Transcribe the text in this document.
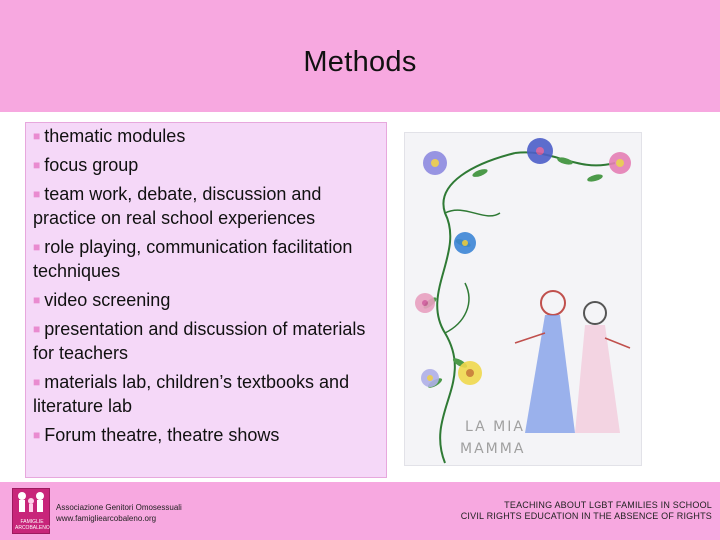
Methods
■ thematic modules
■ focus group
■ team work, debate, discussion and practice on real school experiences
■ role playing, communication facilitation techniques
■ video screening
■ presentation and discussion of materials for teachers
■ materials lab, children’s textbooks and literature lab
■ Forum theatre, theatre shows	LA MIA
MAMMA
FAMIGLIE ARCOBALENO
Associazione Genitori Omosessuali
www.famigliearcobaleno.org
TEACHING ABOUT LGBT FAMILIES IN SCHOOL
CIVIL RIGHTS EDUCATION IN THE ABSENCE OF RIGHTS
